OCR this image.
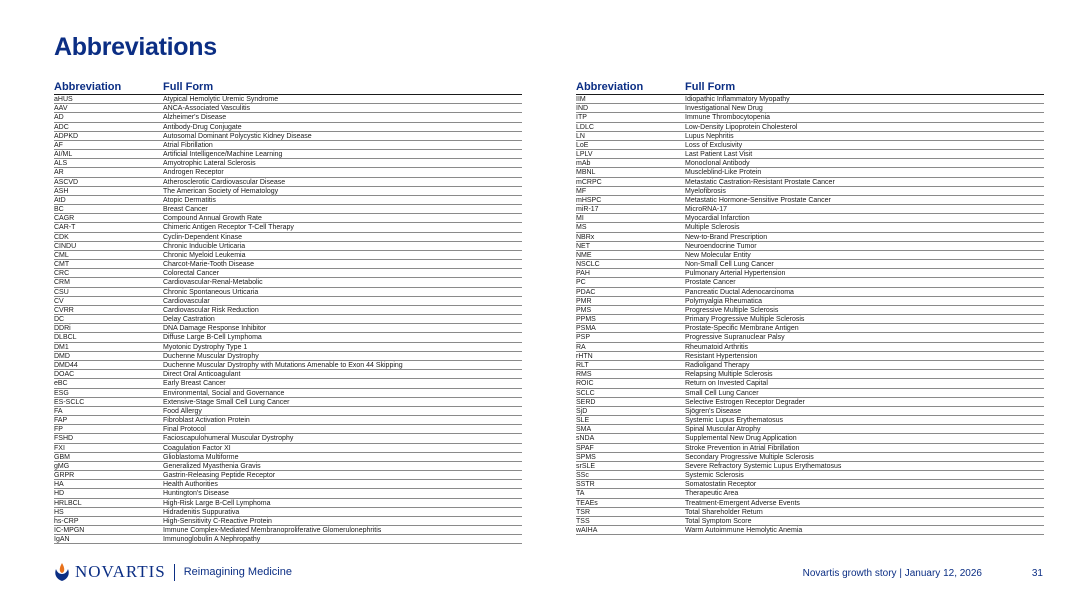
Abbreviations
Abbreviation	Full Form
aHUS	Atypical Hemolytic Uremic Syndrome
AAV	ANCA-Associated Vasculitis
AD	Alzheimer's Disease
ADC	Antibody-Drug Conjugate
ADPKD	Autosomal Dominant Polycystic Kidney Disease
AF	Atrial Fibrillation
AI/ML	Artificial Intelligence/Machine Learning
ALS	Amyotrophic Lateral Sclerosis
AR	Androgen Receptor
ASCVD	Atherosclerotic Cardiovascular Disease
ASH	The American Society of Hematology
AtD	Atopic Dermatitis
BC	Breast Cancer
CAGR	Compound Annual Growth Rate
CAR-T	Chimeric Antigen Receptor T-Cell Therapy
CDK	Cyclin-Dependent Kinase
CINDU	Chronic Inducible Urticaria
CML	Chronic Myeloid Leukemia
CMT	Charcot-Marie-Tooth Disease
CRC	Colorectal Cancer
CRM	Cardiovascular-Renal-Metabolic
CSU	Chronic Spontaneous Urticaria
CV	Cardiovascular
CVRR	Cardiovascular Risk Reduction
DC	Delay Castration
DDRi	DNA Damage Response Inhibitor
DLBCL	Diffuse Large B-Cell Lymphoma
DM1	Myotonic Dystrophy Type 1
DMD	Duchenne Muscular Dystrophy
DMD44	Duchenne Muscular Dystrophy with Mutations Amenable to Exon 44 Skipping
DOAC	Direct Oral Anticoagulant
eBC	Early Breast Cancer
ESG	Environmental, Social and Governance
ES-SCLC	Extensive-Stage Small Cell Lung Cancer
FA	Food Allergy
FAP	Fibroblast Activation Protein
FP	Final Protocol
FSHD	Facioscapulohumeral Muscular Dystrophy
FXI	Coagulation Factor XI
GBM	Glioblastoma Multiforme
gMG	Generalized Myasthenia Gravis
GRPR	Gastrin-Releasing Peptide Receptor
HA	Health Authorities
HD	Huntington's Disease
HRLBCL	High-Risk Large B-Cell Lymphoma
HS	Hidradenitis Suppurativa
hs-CRP	High-Sensitivity C-Reactive Protein
IC-MPGN	Immune Complex-Mediated Membranoproliferative Glomerulonephritis
IgAN	Immunoglobulin A Nephropathy
Abbreviation	Full Form
IIM	Idiopathic Inflammatory Myopathy
IND	Investigational New Drug
ITP	Immune Thrombocytopenia
LDLC	Low-Density Lipoprotein Cholesterol
LN	Lupus Nephritis
LoE	Loss of Exclusivity
LPLV	Last Patient Last Visit
mAb	Monoclonal Antibody
MBNL	Muscleblind-Like Protein
mCRPC	Metastatic Castration-Resistant Prostate Cancer
MF	Myelofibrosis
mHSPC	Metastatic Hormone-Sensitive Prostate Cancer
miR-17	MicroRNA-17
MI	Myocardial Infarction
MS	Multiple Sclerosis
NBRx	New-to-Brand Prescription
NET	Neuroendocrine Tumor
NME	New Molecular Entity
NSCLC	Non-Small Cell Lung Cancer
PAH	Pulmonary Arterial Hypertension
PC	Prostate Cancer
PDAC	Pancreatic Ductal Adenocarcinoma
PMR	Polymyalgia Rheumatica
PMS	Progressive Multiple Sclerosis
PPMS	Primary Progressive Multiple Sclerosis
PSMA	Prostate-Specific Membrane Antigen
PSP	Progressive Supranuclear Palsy
RA	Rheumatoid Arthritis
rHTN	Resistant Hypertension
RLT	Radioligand Therapy
RMS	Relapsing Multiple Sclerosis
ROIC	Return on Invested Capital
SCLC	Small Cell Lung Cancer
SERD	Selective Estrogen Receptor Degrader
SjD	Sjögren's Disease
SLE	Systemic Lupus Erythematosus
SMA	Spinal Muscular Atrophy
sNDA	Supplemental New Drug Application
SPAF	Stroke Prevention in Atrial Fibrillation
SPMS	Secondary Progressive Multiple Sclerosis
srSLE	Severe Refractory Systemic Lupus Erythematosus
SSc	Systemic Sclerosis
SSTR	Somatostatin Receptor
TA	Therapeutic Area
TEAEs	Treatment-Emergent Adverse Events
TSR	Total Shareholder Return
TSS	Total Symptom Score
wAIHA	Warm Autoimmune Hemolytic Anemia
NOVARTIS Reimagining Medicine	Novartis growth story | January 12, 2026	31
